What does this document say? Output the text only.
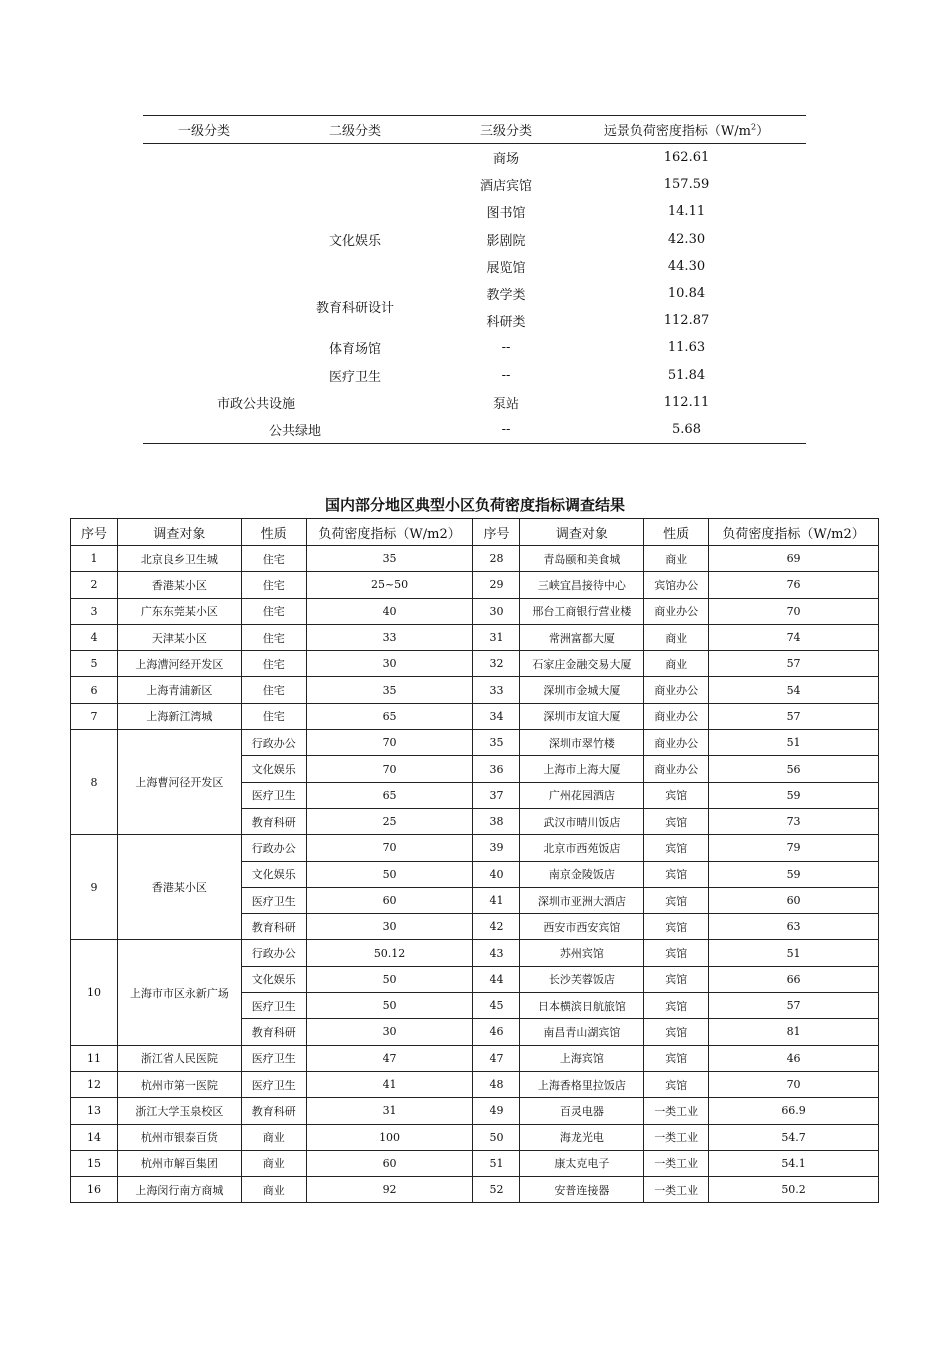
一级分类	二级分类	三级分类	远景负荷密度指标$(W/m^2)$
		商场	162.61
		酒店宾馆	157.59
		图书馆	14.11
	文化娱乐	影剧院	42.30
		展览馆	44.30
		教学类	10.84
	教育科研设计	科研类	112.87
	体育场馆	--	11.63
	医疗卫生	--	51.84
	市政公共设施	泵站	112.11
	公共绿地	--	5.68
国内部分地区典型小区负荷密度指标调查结果
序号	调查对象	性质	负荷密度指标（W/m2）	序号	调查对象	性质	负荷密度指标（W/m2）
1	北京良乡卫生城	住宅	35	28	青岛颐和美食城	商业	69
2	香港某小区	住宅	25~50	29	三峡宜昌接待中心	宾馆办公	76
3	广东东莞某小区	住宅	40	30	邢台工商银行营业楼	商业办公	70
4	天津某小区	住宅	33	31	常洲富都大厦	商业	74
5	上海漕河经开发区	住宅	30	32	石家庄金融交易大厦	商业	57
6	上海青浦新区	住宅	35	33	深圳市金城大厦	商业办公	54
7	上海新江湾城	住宅	65	34	深圳市友谊大厦	商业办公	57
8	上海曹河径开发区	行政办公	70	35	深圳市翠竹楼	商业办公	51
		文化娱乐	70	36	上海市上海大厦	商业办公	56
		医疗卫生	65	37	广州花园酒店	宾馆	59
		教育科研	25	38	武汉市晴川饭店	宾馆	73
9	香港某小区	行政办公	70	39	北京市西苑饭店	宾馆	79
		文化娱乐	50	40	南京金陵饭店	宾馆	59
		医疗卫生	60	41	深圳市亚洲大酒店	宾馆	60
		教育科研	30	42	西安市西安宾馆	宾馆	63
10	上海市市区永新广场	行政办公	50.12	43	苏州宾馆	宾馆	51
		文化娱乐	50	44	长沙芙蓉饭店	宾馆	66
		医疗卫生	50	45	日本横滨日航旅馆	宾馆	57
		教育科研	30	46	南昌青山湖宾馆	宾馆	81
11	浙江省人民医院	医疗卫生	47	47	上海宾馆	宾馆	46
12	杭州市第一医院	医疗卫生	41	48	上海香格里拉饭店	宾馆	70
13	浙江大学玉泉校区	教育科研	31	49	百灵电器	一类工业	66.9
14	杭州市银泰百货	商业	100	50	海龙光电	一类工业	54.7
15	杭州市解百集团	商业	60	51	康太克电子	一类工业	54.1
16	上海闵行南方商城	商业	92	52	安普连接器	一类工业	50.2
